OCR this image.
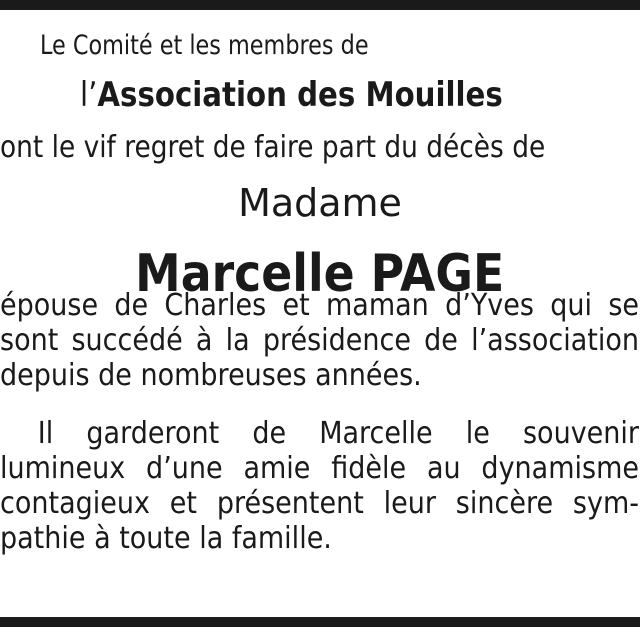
Le Comité et les membres de
l’Association des Mouilles
ont le vif regret de faire part du décès de
Madame
Marcelle PAGE
épouse de Charles et maman d’Yves qui se sont succédé à la présidence de l’association depuis de nombreuses années.
Il garderont de Marcelle le souvenir lumineux d’une amie fidèle au dynamisme contagieux et présentent leur sincère sympathie à toute la famille.
